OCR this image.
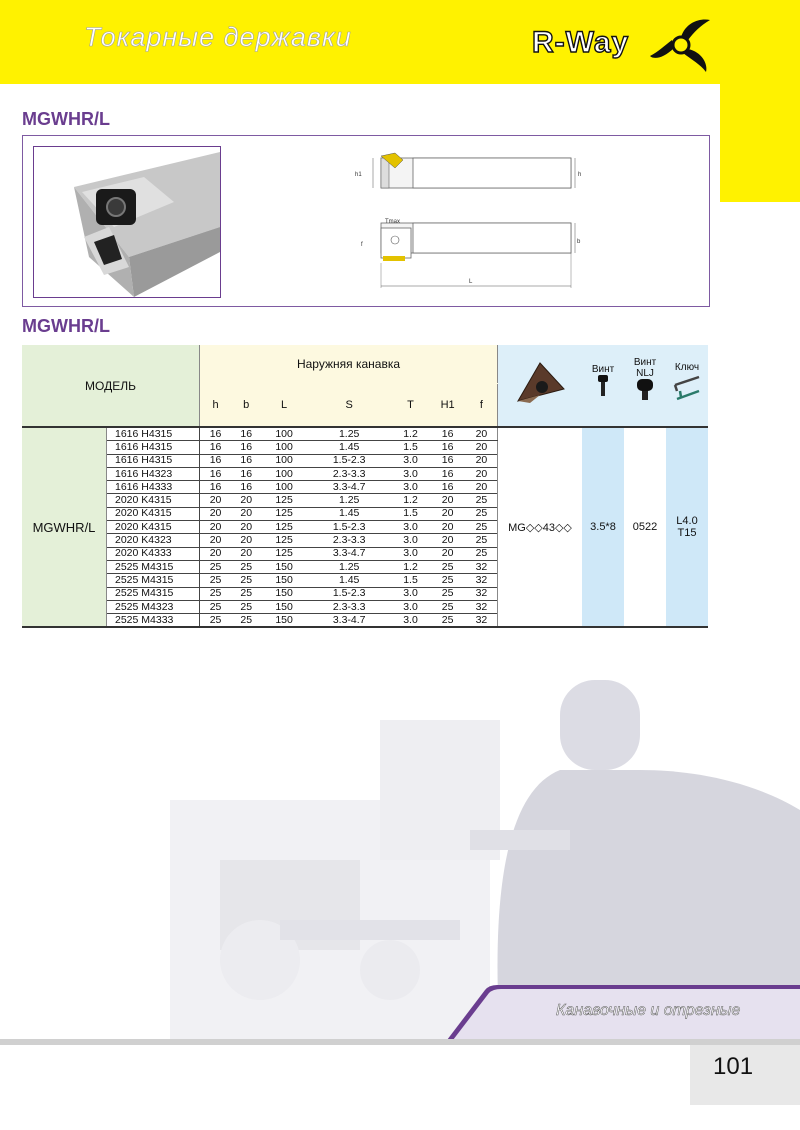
Токарные державки	R-Way
MGWHR/L
h1	h
Tmax
f	b
L
MGWHR/L
МОДЕЛЬ		Наружняя канавка								Винт	Винт NLJ	Ключ

		h	b	L	S	T	H1	f				
MGWHR/L	1616 H4315	16	16	100	1.25	1.2	16	20	MG◇◇43◇◇	3.5*8	0522	L4.0
T15

	1616 H4315	16	16	100	1.45	1.5	16	20				
	1616 H4315	16	16	100	1.5-2.3	3.0	16	20				
	1616 H4323	16	16	100	2.3-3.3	3.0	16	20				
	1616 H4333	16	16	100	3.3-4.7	3.0	16	20				
	2020 K4315	20	20	125	1.25	1.2	20	25				
	2020 K4315	20	20	125	1.45	1.5	20	25				
	2020 K4315	20	20	125	1.5-2.3	3.0	20	25				
	2020 K4323	20	20	125	2.3-3.3	3.0	20	25				
	2020 K4333	20	20	125	3.3-4.7	3.0	20	25				
	2525 M4315	25	25	150	1.25	1.2	25	32				
	2525 M4315	25	25	150	1.45	1.5	25	32				
	2525 M4315	25	25	150	1.5-2.3	3.0	25	32				
	2525 M4323	25	25	150	2.3-3.3	3.0	25	32				
	2525 M4333	25	25	150	3.3-4.7	3.0	25	32				
Канавочные и отрезные
101
